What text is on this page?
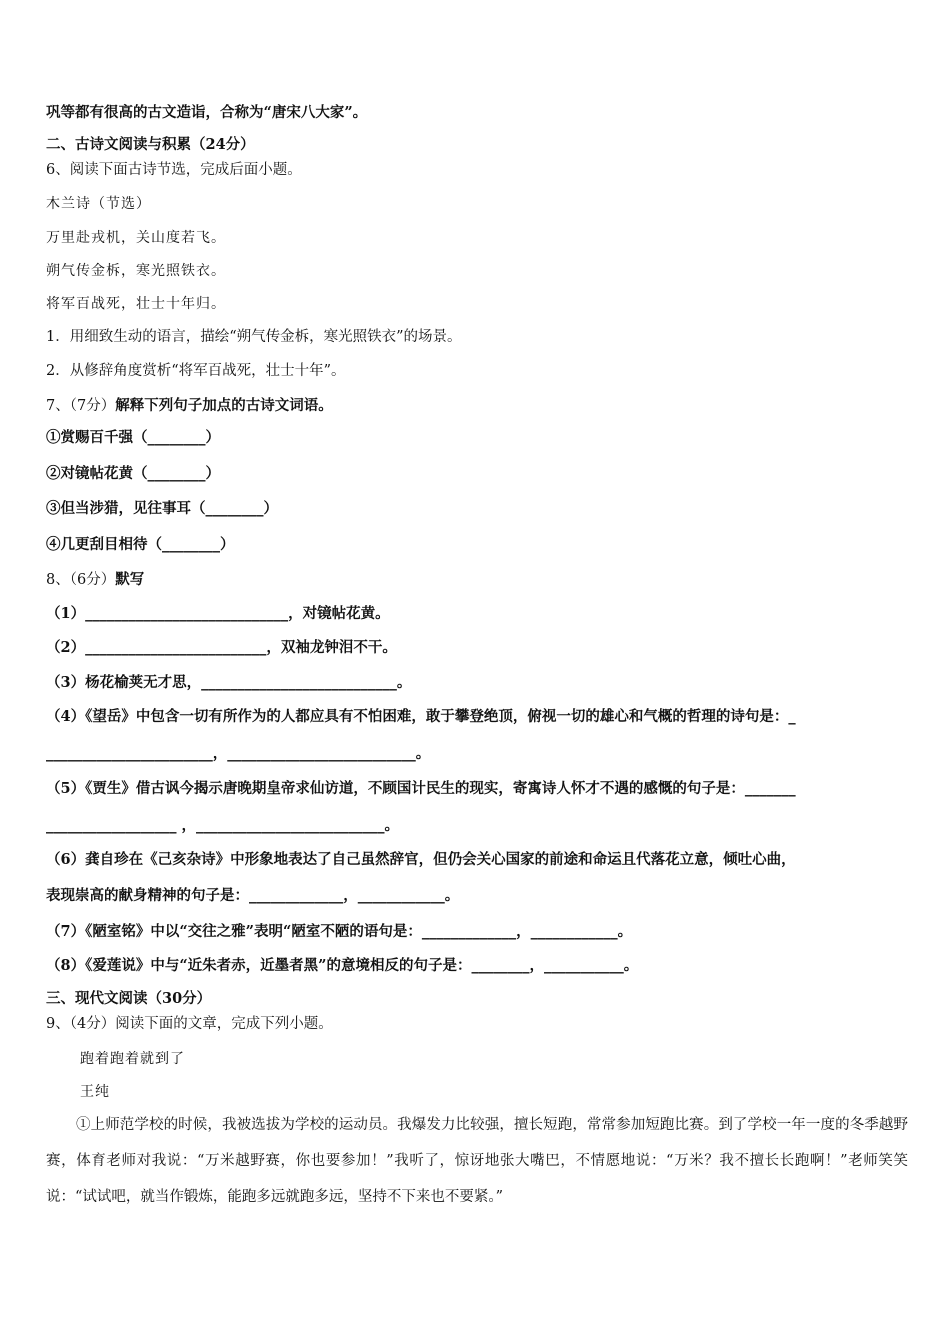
巩等都有很高的古文造诣，合称为“唐宋八大家”。
二、古诗文阅读与积累（24分）
6、阅读下面古诗节选，完成后面小题。
木兰诗（节选）
万里赴戎机，关山度若飞。
朔气传金柝，寒光照铁衣。
将军百战死，壮士十年归。
1．用细致生动的语言，描绘“朔气传金柝，寒光照铁衣”的场景。
2．从修辞角度赏析“将军百战死，壮士十年”。
7、（7分）解释下列句子加点的古诗文词语。
①赏赐百千强（________）
②对镜帖花黄（________）
③但当涉猎，见往事耳（________）
④几更刮目相待（________）
8、（6分）默写
（1）____________________________，对镜帖花黄。
（2）_________________________，双袖龙钟泪不干。
（3）杨花榆荚无才思，___________________________。
（4）《望岳》中包含一切有所作为的人都应具有不怕困难，敢于攀登绝顶，俯视一切的雄心和气概的哲理的诗句是：_
_______________________，__________________________。
（5）《贾生》借古讽今揭示唐晚期皇帝求仙访道，不顾国计民生的现实，寄寓诗人怀才不遇的感慨的句子是：_______
__________________ ，__________________________。
（6）龚自珍在《己亥杂诗》中形象地表达了自己虽然辞官，但仍会关心国家的前途和命运且代落花立意，倾吐心曲，
表现崇高的献身精神的句子是：_____________，____________。
（7）《陋室铭》中以“交往之雅”表明“陋室不陋的语句是：_____________，____________。
（8）《爱莲说》中与“近朱者赤，近墨者黑”的意境相反的句子是：________，___________。
三、现代文阅读（30分）
9、（4分）阅读下面的文章，完成下列小题。
跑着跑着就到了
王纯
①上师范学校的时候，我被选拔为学校的运动员。我爆发力比较强，擅长短跑，常常参加短跑比赛。到了学校一年一度的冬季越野赛，体育老师对我说：“万米越野赛，你也要参加！”我听了，惊讶地张大嘴巴，不情愿地说：“万米？我不擅长长跑啊！”老师笑笑说：“试试吧，就当作锻炼，能跑多远就跑多远，坚持不下来也不要紧。”
